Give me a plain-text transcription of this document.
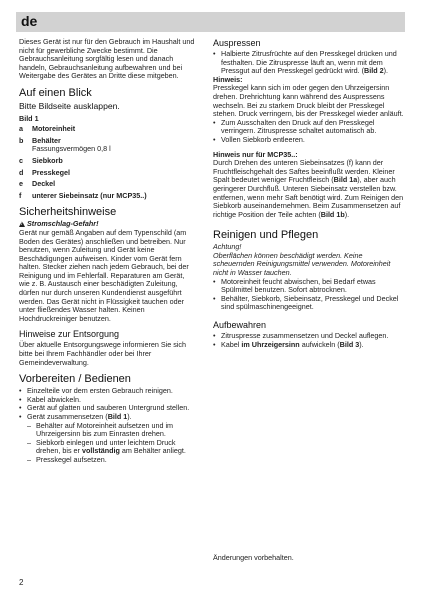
de

Dieses Gerät ist nur für den Gebrauch im Haushalt und nicht für gewerbliche Zwecke bestimmt. Die Gebrauchsanleitung sorgfältig lesen und danach handeln, Gebrauchsanleitung aufbewahren und bei Weitergabe des Gerätes an Dritte diese mitgeben.

Auf einen Blick

Bitte Bildseite ausklappen.

Bild 1

a	Motoreinheit
b	Behälter
Fassungsvermögen 0,8 l
c	Siebkorb
d	Presskegel
e	Deckel
f	unterer Siebeinsatz (nur MCP35..)
Sicherheitshinweise

!Stromschlag-Gefahr!

Gerät nur gemäß Angaben auf dem Typenschild (am Boden des Gerätes) anschließen und betreiben. Nur benutzen, wenn Zuleitung und Gerät keine Beschädigungen aufweisen. Kinder vom Gerät fern halten. Stecker ziehen nach jedem Gebrauch, bei der Reinigung und im Fehlerfall. Reparaturen am Gerät, wie z. B. Austausch einer beschädigten Zuleitung, dürfen nur durch unseren Kundendienst ausgeführt werden. Das Gerät nicht in Flüssigkeit tauchen oder unter fließendes Wasser halten. Keinen Hochdruckreiniger benutzen.

Hinweise zur Entsorgung

Über aktuelle Entsorgungswege informieren Sie sich bitte bei Ihrem Fachhändler oder bei Ihrer Gemeindeverwaltung.

Vorbereiten / Bedienen
• Einzelteile vor dem ersten Gebrauch reinigen.
• Kabel abwickeln.
• Gerät auf glatten und sauberen Untergrund stellen.
• Gerät zusammensetzen (Bild 1).
– Behälter auf Motoreinheit aufsetzen und im Uhrzeigersinn bis zum Einrasten drehen.
– Siebkorb einlegen und unter leichtem Druck drehen, bis er vollständig am Behälter anliegt.
– Presskegel aufsetzen.
Auspressen
• Halbierte Zitrusfrüchte auf den Presskegel drücken und festhalten. Die Zitruspresse läuft an, wenn mit dem Pressgut auf den Presskegel gedrückt wird. (Bild 2).

Hinweis:

Presskegel kann sich im oder gegen den Uhrzeigersinn drehen. Drehrichtung kann während des Auspressens wechseln. Bei zu starkem Druck bleibt der Presskegel stehen. Druck verringern, bis der Presskegel wieder anläuft.

• Zum Ausschalten den Druck auf den Presskegel verringern. Zitruspresse schaltet automatisch ab.
• Vollen Siebkorb entleeren.

Hinweis nur für MCP35..:

Durch Drehen des unteren Siebeinsatzes (f) kann der Fruchtfleischgehalt des Saftes beeinflußt werden. Kleiner Spalt bedeutet weniger Fruchtfleisch (Bild 1a), aber auch geringerer Durchfluß. Unteren Siebeinsatz verstellen bzw. entfernen, wenn mehr Saft benötigt wird. Zum Reinigen den Siebkorb auseinandernehmen. Beim Zusammensetzen auf richtige Position der Teile achten (Bild 1b).

Reinigen und Pflegen

Achtung!

Oberflächen können beschädigt werden. Keine scheuernden Reinigungsmittel verwenden. Motoreinheit nicht in Wasser tauchen.

• Motoreinheit feucht abwischen, bei Bedarf etwas Spülmittel benutzen. Sofort abtrocknen.
• Behälter, Siebkorb, Siebeinsatz, Presskegel und Deckel sind spülmaschinengeeignet.
Aufbewahren
• Zitruspresse zusammensetzen und Deckel auflegen.
• Kabel im Uhrzeigersinn aufwickeln (Bild 3).
Änderungen vorbehalten.
2
